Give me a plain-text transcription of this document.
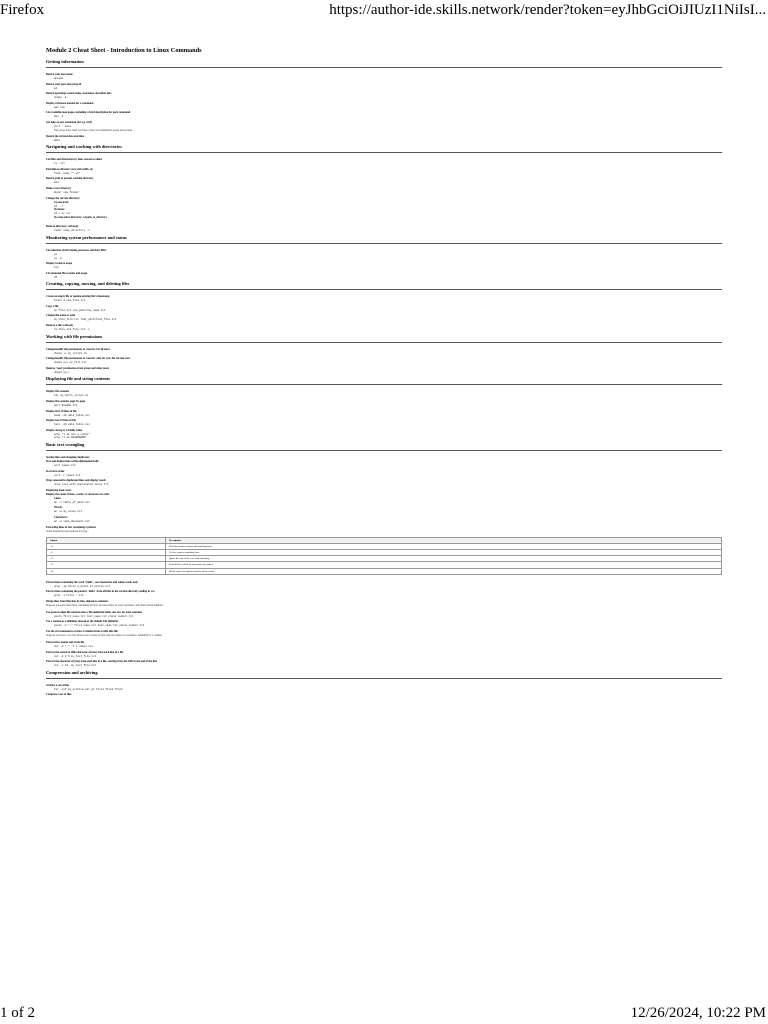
Firefox	https://author-ide.skills.network/render?token=eyJhbGciOiJIUzI1NiIsI...
Module 2 Cheat Sheet - Introduction to Linux Commands
Getting information
Return your user name
whoami
Return your user and group id
id
Return operating system name, username, and other info
uname -a
Display reference manual for a command
man top
List available man pages, including a brief description for each command
man -k .
Get help on any command (for e.g. curl)
curl --help
This gives more brief overview of the curl command's usage and options
Return the current date and time
date
Navigating and working with directories
List files and directories by date, newest to oldest
ls -lrt
Find files in directory tree with suffix .sh
find -name "*.sh"
Return path to present working directory
pwd
Make a new directory
mkdir new_folder
Change the current directory:
Up one level:
cd ../
To home:
cd ~ or cd
To some other directory: cd path_to_directory
Remove directory, verbosely
rmdir temp_directory -v
Monitoring system performance and status
List selection of/all running processes and their PIDs
ps
ps -e
Display resource usage
top
List mounted file systems and usage
df
Creating, copying, moving, and deleting files
Create an empty file or update existing file's timestamp
touch a_new_file.txt
Copy a file
cp file.txt new_path/new_name.txt
Change file name or path
mv this_file.txt that_path/that_file.txt
Remove a file verbosely
rm this_old_file.txt -v
Working with file permissions
Change/modify file permissions to 'execute' for all users
chmod +x my_script.sh
Change/modify file permissions to 'execute' only for you, the current user
chmod u+x my_file.txt
Remove 'read' permissions from group and other users
chmod go-r
Displaying file and string contents
Display file contents
cat my_shell_script.sh
Display file contents page-by-page
more ReadMe.txt
Display first 10 lines of file
head -10 data_table.csv
Display last 10 lines of file
tail -10 data_table.csv
Display string or variable value
echo "I am not a robot"
echo "I am $USERNAME"
Basic text wrangling
Sorting lines and dropping duplicates:
Sort and display lines of file alphanumerically
sort names.txt
In reverse order
sort -r names.txt
Drop consecutive duplicated lines and display result
uniq list_with_duplicated_lines.txt
Displaying basic stats:
Display the count of lines, words, or characters in a file
Lines:
wc -l table_of_data.csv
Words:
wc -w my_essay.txt
Characters:
wc -m some_document.txt
Extracting lines of text containing a pattern
Some frequently used options for grep :
Option	Description
-n	Print line numbers along with matching lines
-c	Get the count of matching lines
-i	Ignore the case of the text while matching
-v	Print all lines which do not contain the pattern
-w	Match only if the pattern matches whole words
Extract lines containing the word "hello", case insensitive and whole words only
grep -iw hello a_bunch_of_hellos.txt
Extract lines containing the pattern "hello" from all files in the current directory ending in .txt
grep -l hello *.txt
Merge lines from files line-by-line, aligned as columns:
Suppose you have three files containing the first and last names of your customers, plus their phone numbers.
Use paste to align file contents into a Tab-delimited table, one row for each customer
paste first_name.txt last_name.txt phone_number.txt
Use a comma as a delimiter instead of the default Tab delimiter
paste -d "," first_name.txt last_name.txt phone_number.txt
Use the cut command to extract a column from a table-like file:
Suppose you have a csv file whose rows consist of first and last names of customers, delimited by a comma.
Extract first names only from file
cut -d "," -f 1 names.csv
Extract the second to fifth characters (bytes) from each line of a file
cut -b 2-5 my_text_file.txt
Extract the characters (bytes) from each line of a file, starting from the 10th to the end of the line
cut -c 10- my_text_file.txt
Compression and archiving
Archive a set of files
tar -cvf my_archive.tar.gz file1 file2 file3
Compress a set of files
1 of 2	12/26/2024, 10:22 PM
